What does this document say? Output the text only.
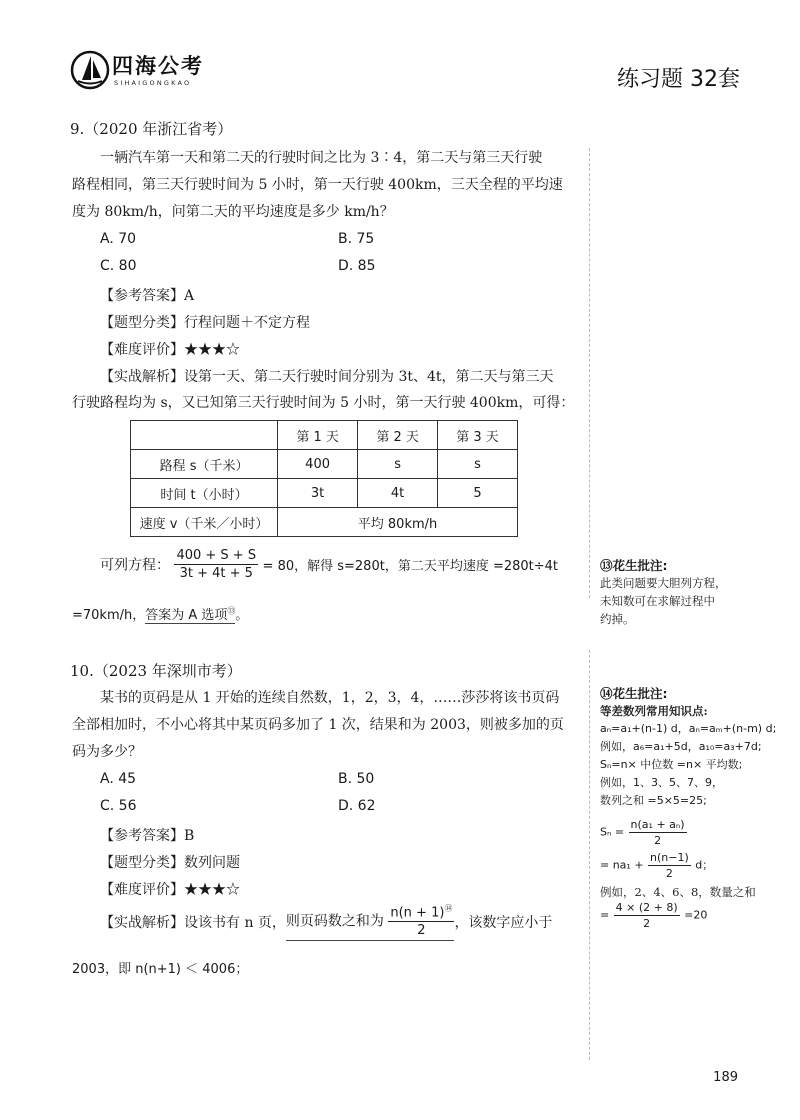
四海公考
SIHAIGONGKAO	练习题 32套
9.（2020 年浙江省考）
一辆汽车第一天和第二天的行驶时间之比为 3∶4，第二天与第三天行驶
路程相同，第三天行驶时间为 5 小时，第一天行驶 400km，三天全程的平均速
度为 80km/h，问第二天的平均速度是多少 km/h？
A. 70	B. 75
C. 80	D. 85
【参考答案】A
【题型分类】行程问题＋不定方程
【难度评价】★★★☆
【实战解析】设第一天、第二天行驶时间分别为 3t、4t，第二天与第三天
行驶路程均为 s，又已知第三天行驶时间为 5 小时，第一天行驶 400km，可得：
	第 1 天	第 2 天	第 3 天
路程 s（千米）	400	s	s
时间 t（小时）	3t	4t	5
速度 v（千米／小时）	平均 80km/h		
可列方程： $\frac{400 + S + S}{3t + 4t + 5} = 80$，解得 s=280t，第二天平均速度 =280t÷4t
=70km/h，答案为 A 选项⑬。
⑬花生批注:
此类问题要大胆列方程，
未知数可在求解过程中
约掉。
10.（2023 年深圳市考）
某书的页码是从 1 开始的连续自然数，1，2，3，4，……莎莎将该书页码
全部相加时，不小心将其中某页码多加了 1 次，结果和为 2003，则被多加的页
码为多少？
A. 45	B. 50
C. 56	D. 62
【参考答案】B
【题型分类】数列问题
【难度评价】★★★☆
【实战解析】设该书有 n 页，则页码数之和为 $\frac{n(n + 1)^⑭}{2}$ ，该数字应小于
2003，即 n(n+1) ＜ 4006；
⑭花生批注:
等差数列常用知识点:
aₙ=a₁+(n-1) d，aₙ=aₘ+(n-m) d;
例如，a₆=a₁+5d，a₁₀=a₃+7d;
Sₙ=n× 中位数 =n× 平均数;
例如，1、3、5、7、9，
数列之和 =5×5=25;
$S_n = \frac{\text{n(a₁ + aₙ)}}{2}$
= $na_1 + \frac{n(n-1)}{2}$ d；
例如，2、4、6、8，数量之和
= $\frac{4 \times (2 + 8)}{2} =20$
189
